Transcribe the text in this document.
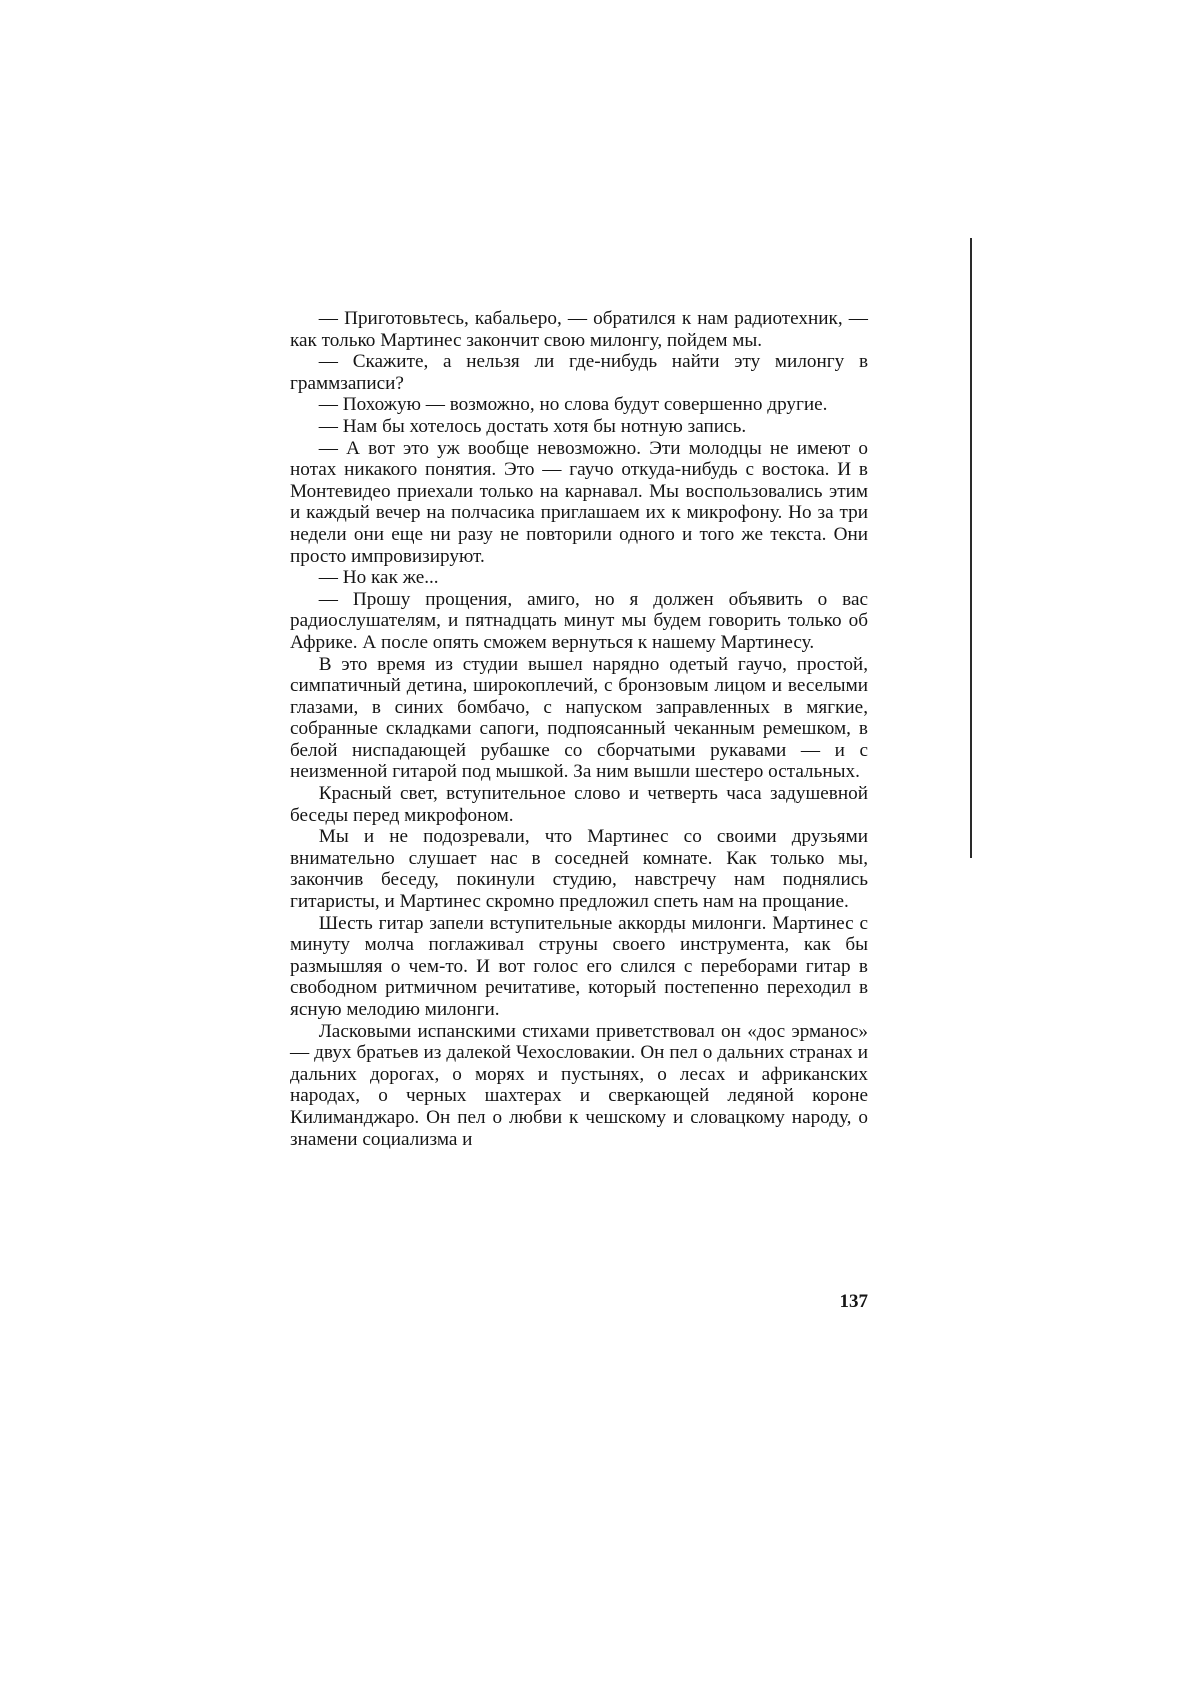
— Приготовьтесь, кабальеро, — обратился к нам радиотехник, — как только Мартинес закончит свою милонгу, пойдем мы.

— Скажите, а нельзя ли где-нибудь найти эту милонгу в граммзаписи?

— Похожую — возможно, но слова будут совершенно другие.

— Нам бы хотелось достать хотя бы нотную запись.

— А вот это уж вообще невозможно. Эти молодцы не имеют о нотах никакого понятия. Это — гаучо откуда-нибудь с востока. И в Монтевидео приехали только на карнавал. Мы воспользовались этим и каждый вечер на полчасика приглашаем их к микрофону. Но за три недели они еще ни разу не повторили одного и того же текста. Они просто импровизируют.

— Но как же...

— Прошу прощения, амиго, но я должен объявить о вас радиослушателям, и пятнадцать минут мы будем говорить только об Африке. А после опять сможем вернуться к нашему Мартинесу.

В это время из студии вышел нарядно одетый гаучо, простой, симпатичный детина, широкоплечий, с бронзовым лицом и веселыми глазами, в синих бомбачо, с напуском заправленных в мягкие, собранные складками сапоги, подпоясанный чеканным ремешком, в белой ниспадающей рубашке со сборчатыми рукавами — и с неизменной гитарой под мышкой. За ним вышли шестеро остальных.

Красный свет, вступительное слово и четверть часа задушевной беседы перед микрофоном.

Мы и не подозревали, что Мартинес со своими друзьями внимательно слушает нас в соседней комнате. Как только мы, закончив беседу, покинули студию, навстречу нам поднялись гитаристы, и Мартинес скромно предложил спеть нам на прощание.

Шесть гитар запели вступительные аккорды милонги. Мартинес с минуту молча поглаживал струны своего инструмента, как бы размышляя о чем-то. И вот голос его слился с переборами гитар в свободном ритмичном речитативе, который постепенно переходил в ясную мелодию милонги.

Ласковыми испанскими стихами приветствовал он «дос эрманос» — двух братьев из далекой Чехословакии. Он пел о дальних странах и дальних дорогах, о морях и пустынях, о лесах и африканских народах, о черных шахтерах и сверкающей ледяной короне Килиманджаро. Он пел о любви к чешскому и словацкому народу, о знамени социализма и

137
